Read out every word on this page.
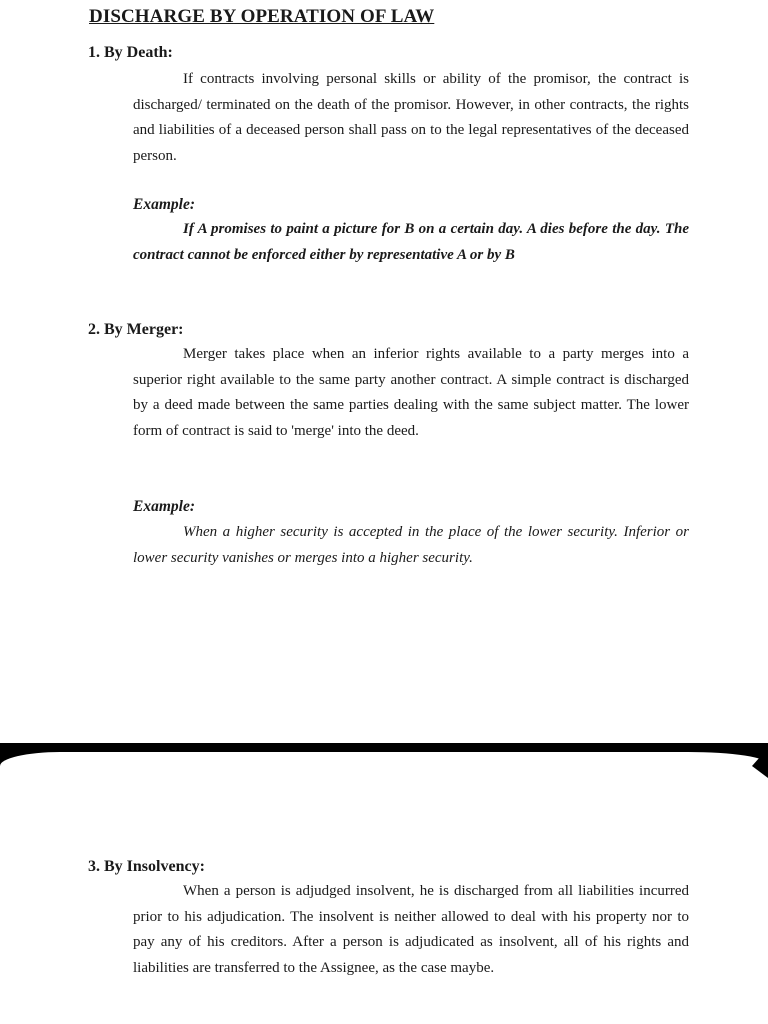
DISCHARGE BY OPERATION OF LAW
1. By Death:

If contracts involving personal skills or ability of the promisor, the contract is discharged/ terminated on the death of the promisor. However, in other contracts, the rights and liabilities of a deceased person shall pass on to the legal representatives of the deceased person.

Example:

If A promises to paint a picture for B on a certain day. A dies before the day. The contract cannot be enforced either by representative A or by B

2. By Merger:

Merger takes place when an inferior rights available to a party merges into a superior right available to the same party another contract. A simple contract is discharged by a deed made between the same parties dealing with the same subject matter. The lower form of contract is said to 'merge' into the deed.

Example:

When a higher security is accepted in the place of the lower security. Inferior or lower security vanishes or merges into a higher security.

3. By Insolvency:

When a person is adjudged insolvent, he is discharged from all liabilities incurred prior to his adjudication. The insolvent is neither allowed to deal with his property nor to pay any of his creditors. After a person is adjudicated as insolvent, all of his rights and liabilities are transferred to the Assignee, as the case maybe.
